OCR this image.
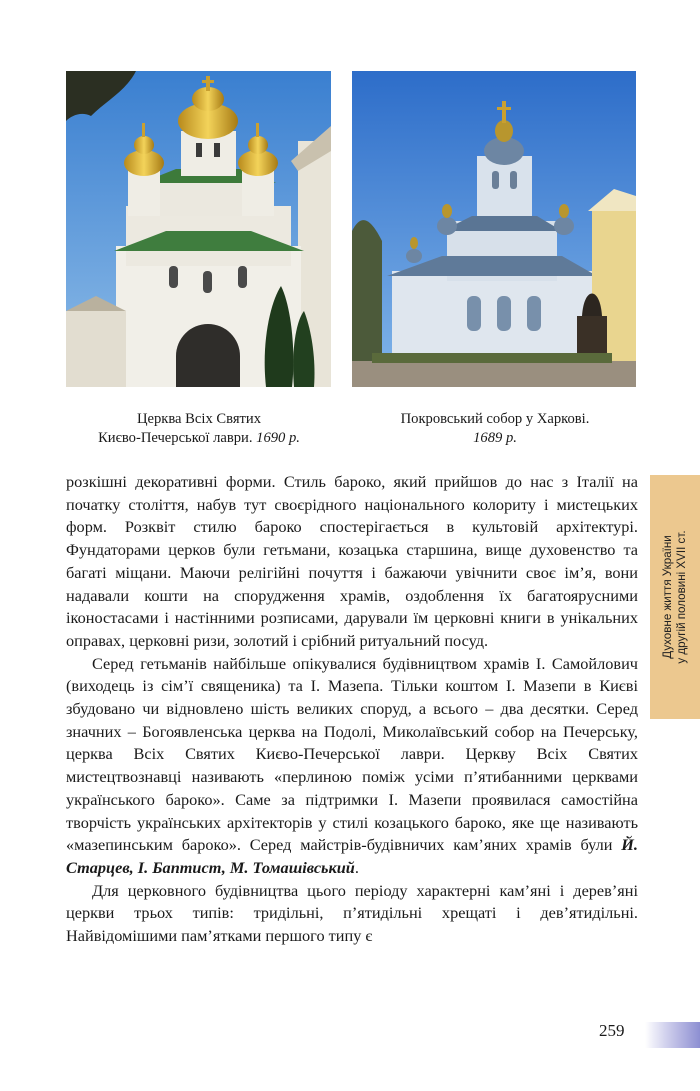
Церква Всіх Святих
Києво-Печерської лаври. 1690 р.
Покровський собор у Харкові.
1689 р.

розкішні декоративні форми. Стиль бароко, який прийшов до нас з Італії на початку століття, набув тут своєрідного національного колориту і мистецьких форм. Розквіт стилю бароко спостерігається в культовій архітектурі. Фундаторами церков були гетьмани, козацька старшина, вище духовенство та багаті міщани. Маючи релігійні почуття і бажаючи увічнити своє ім’я, вони надавали кошти на спорудження храмів, оздоблення їх багатоярусними іконостасами і настінними розписами, дарували їм церковні книги в унікальних оправах, церковні ризи, золотий і срібний ритуальний посуд.

Серед гетьманів найбільше опікувалися будівництвом храмів І. Самойлович (виходець із сім’ї священика) та І. Мазепа. Тільки коштом І. Мазепи в Києві збудовано чи відновлено шість великих споруд, а всього – два десятки. Серед значних – Богоявленська церква на Подолі, Миколаївський собор на Печерську, церква Всіх Святих Києво-Печерської лаври. Церкву Всіх Святих мистецтвознавці називають «перлиною поміж усіми п’ятибанними церквами українського бароко». Саме за підтримки І. Мазепи проявилася самостійна творчість українських архітекторів у стилі козацького бароко, яке ще називають «мазепинським бароко». Серед майстрів-будівничих кам’яних храмів були Й. Старцев, І. Баптист, М. Томашівський.

Для церковного будівництва цього періоду характерні кам’яні і дерев’яні церкви трьох типів: тридільні, п’ятидільні хрещаті і дев’ятидільні. Найвідомішими пам’ятками першого типу є

Духовне життя України у другій половині XVII ст.
259
